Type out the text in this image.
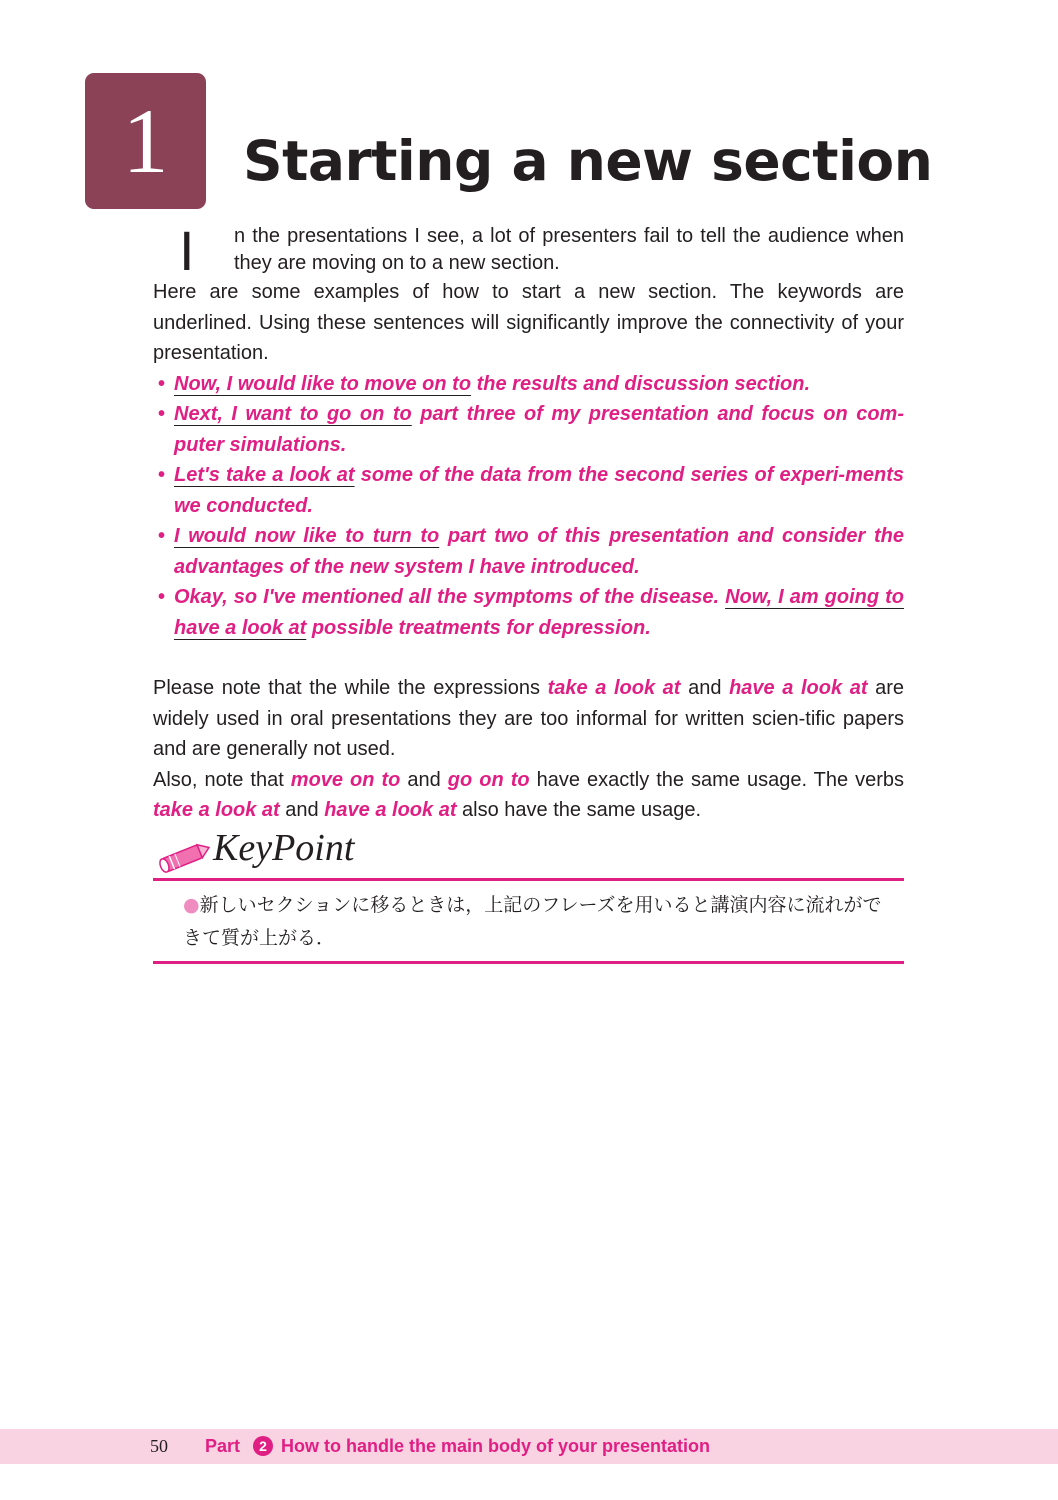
1	Starting a new section
I n the presentations I see, a lot of presenters fail to tell the audience when they are moving on to a new section.

Here are some examples of how to start a new section. The keywords are underlined. Using these sentences will significantly improve the connectivity of your presentation.

• Now, I would like to move on to the results and discussion section.
• Next, I want to go on to part three of my presentation and focus on com-puter simulations.
• Let's take a look at some of the data from the second series of experi-ments we conducted.
• I would now like to turn to part two of this presentation and consider the advantages of the new system I have introduced.
• Okay, so I've mentioned all the symptoms of the disease. Now, I am going to have a look at possible treatments for depression.

Please note that the while the expressions take a look at and have a look at are widely used in oral presentations they are too informal for written scien-tific papers and are generally not used.

Also, note that move on to and go on to have exactly the same usage. The verbs take a look at and have a look at also have the same usage.

KeyPoint

●新しいセクションに移るときは，上記のフレーズを用いると講演内容に流れができて質が上がる．

50 Part	2 How to handle the main body of your presentation
